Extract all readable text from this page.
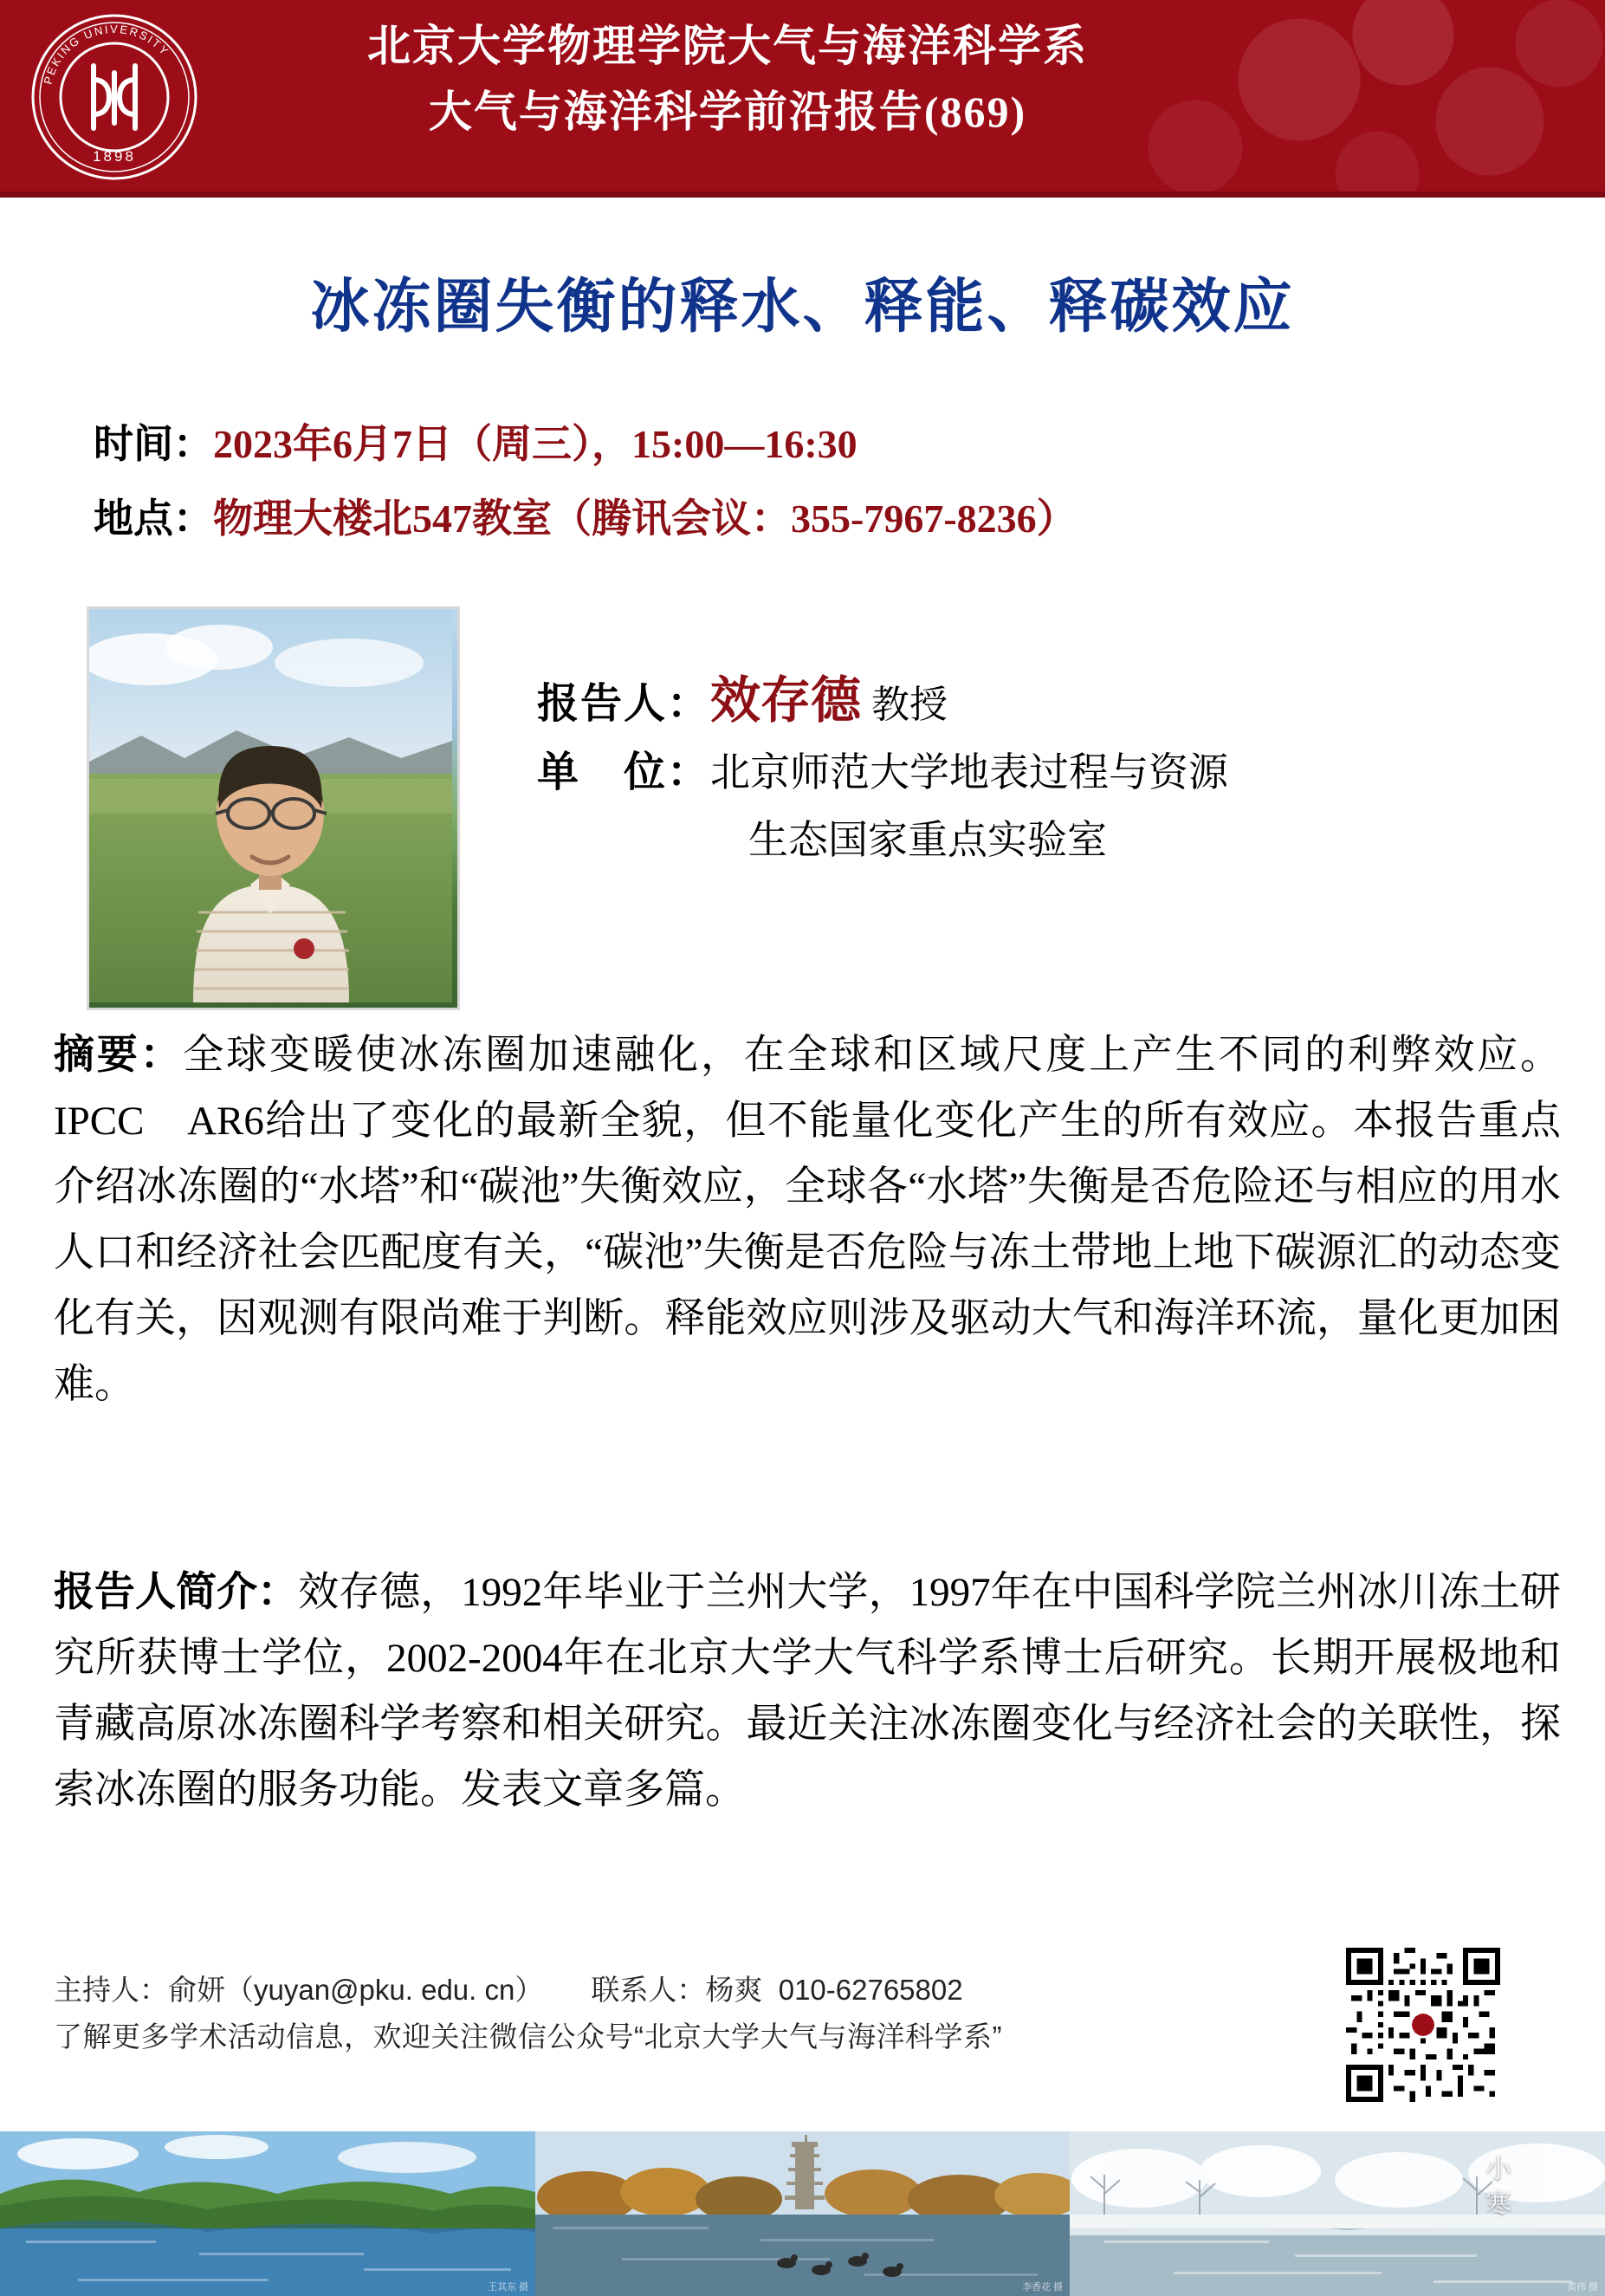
PEKING UNIVERSITY
1898
北京大学物理学院大气与海洋科学系
大气与海洋科学前沿报告(869)
冰冻圈失衡的释水、释能、释碳效应
时间：2023年6月7日（周三），15:00—16:30
地点：物理大楼北547教室（腾讯会议：355-7967-8236）
报告人：效存德 教授
单　位：北京师范大学地表过程与资源
生态国家重点实验室
摘要：全球变暖使冰冻圈加速融化，在全球和区域尺度上产生不同的利弊效应。IPCC　AR6给出了变化的最新全貌，但不能量化变化产生的所有效应。本报告重点介绍冰冻圈的“水塔”和“碳池”失衡效应，全球各“水塔”失衡是否危险还与相应的用水人口和经济社会匹配度有关，“碳池”失衡是否危险与冻土带地上地下碳源汇的动态变化有关，因观测有限尚难于判断。释能效应则涉及驱动大气和海洋环流，量化更加困难。
报告人简介：效存德，1992年毕业于兰州大学，1997年在中国科学院兰州冰川冻土研究所获博士学位，2002-2004年在北京大学大气科学系博士后研究。长期开展极地和青藏高原冰冻圈科学考察和相关研究。最近关注冰冻圈变化与经济社会的关联性，探索冰冻圈的服务功能。发表文章多篇。
主持人：俞妍（yuyan@pku. edu. cn） 联系人：杨爽 010-62765802
了解更多学术活动信息，欢迎关注微信公众号“北京大学大气与海洋科学系”
王其东 摄	李香花 摄
小
寒
黄伟 摄
